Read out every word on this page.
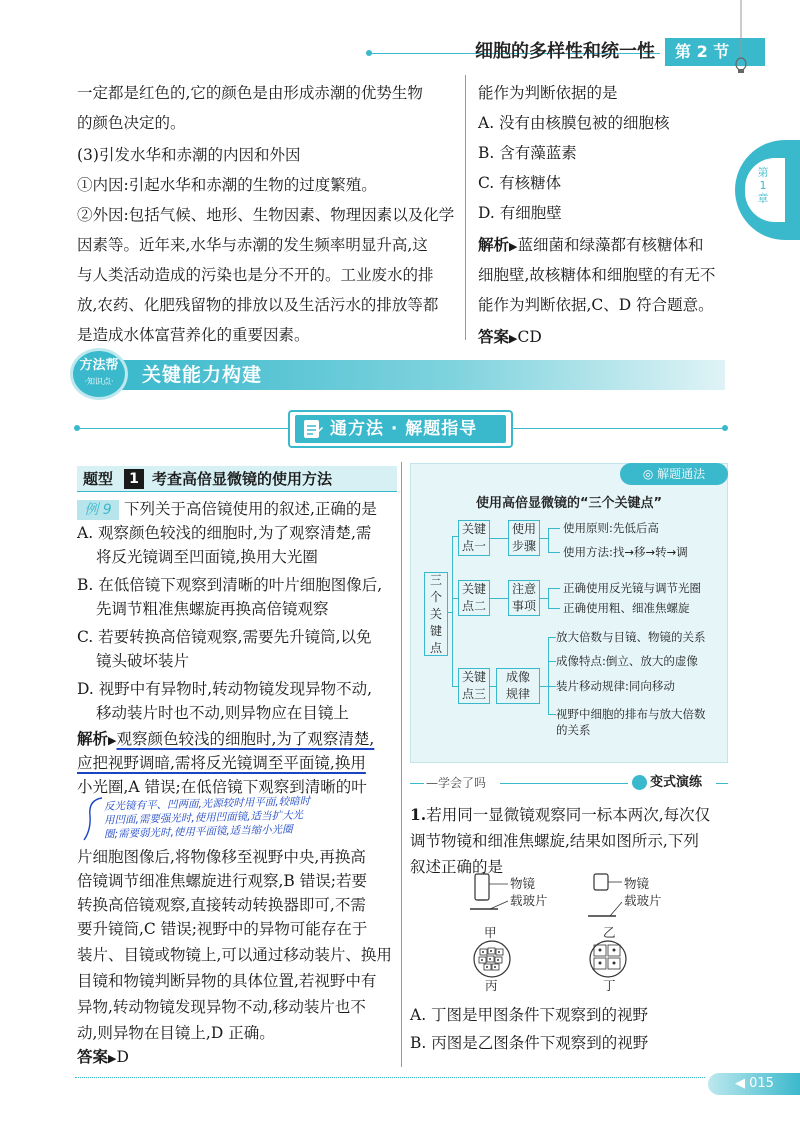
细胞的多样性和统一性	第 2 节
第
1
章

一定都是红色的,它的颜色是由形成赤潮的优势生物

的颜色决定的。

(3)引发水华和赤潮的内因和外因

①内因:引起水华和赤潮的生物的过度繁殖。

②外因:包括气候、地形、生物因素、物理因素以及化学

因素等。近年来,水华与赤潮的发生频率明显升高,这

与人类活动造成的污染也是分不开的。工业废水的排

放,农药、化肥残留物的排放以及生活污水的排放等都

是造成水体富营养化的重要因素。

能作为判断依据的是

A. 没有由核膜包被的细胞核

B. 含有藻蓝素

C. 有核糖体

D. 有细胞壁

解析▶蓝细菌和绿藻都有核糖体和

细胞壁,故核糖体和细胞壁的有无不

能作为判断依据,C、D 符合题意。

答案▶CD

关键能力构建
方法帮
·知识点·
通方法 · 解题指导
题型	1 考查高倍显微镜的使用方法
例 9 下列关于高倍镜使用的叙述,正确的是

A. 观察颜色较浅的细胞时,为了观察清楚,需

将反光镜调至凹面镜,换用大光圈

B. 在低倍镜下观察到清晰的叶片细胞图像后,

先调节粗准焦螺旋再换高倍镜观察

C. 若要转换高倍镜观察,需要先升镜筒,以免

镜头破坏装片

D. 视野中有异物时,转动物镜发现异物不动,

移动装片时也不动,则异物应在目镜上

解析▶观察颜色较浅的细胞时,为了观察清楚,

应把视野调暗,需将反光镜调至平面镜,换用

小光圈,A 错误;在低倍镜下观察到清晰的叶

反光镜有平、凹两面,光源较时用平面,较暗时
用凹面,需要强光时,使用凹面镜,适当扩大光
圈;需要弱光时,使用平面镜,适当缩小光圈

片细胞图像后,将物像移至视野中央,再换高

倍镜调节细准焦螺旋进行观察,B 错误;若要

转换高倍镜观察,直接转动转换器即可,不需

要升镜筒,C 错误;视野中的异物可能存在于

装片、目镜或物镜上,可以通过移动装片、换用

目镜和物镜判断异物的具体位置,若视野中有

异物,转动物镜发现异物不动,移动装片也不

动,则异物在目镜上,D 正确。

答案▶D

◎ 解题通法
使用高倍显微镜的“三个关键点”
三个关键点
关键点一
关键点二
关键点三
使用步骤
注意事项
成像规律
使用原则:先低后高
使用方法:找→移→转→调
正确使用反光镜与调节光圈
正确使用粗、细准焦螺旋
放大倍数与目镜、物镜的关系
成像特点:倒立、放大的虚像
装片移动规律:同向移动
视野中细胞的排布与放大倍数
的关系
—学会了吗	变式演练

1.若用同一显微镜观察同一标本两次,每次仅

调节物镜和细准焦螺旋,结果如图所示,下列

叙述正确的是

物镜
载玻片
物镜
载玻片
甲	乙
丙	丁

A. 丁图是甲图条件下观察到的视野

B. 丙图是乙图条件下观察到的视野

◀ 015
